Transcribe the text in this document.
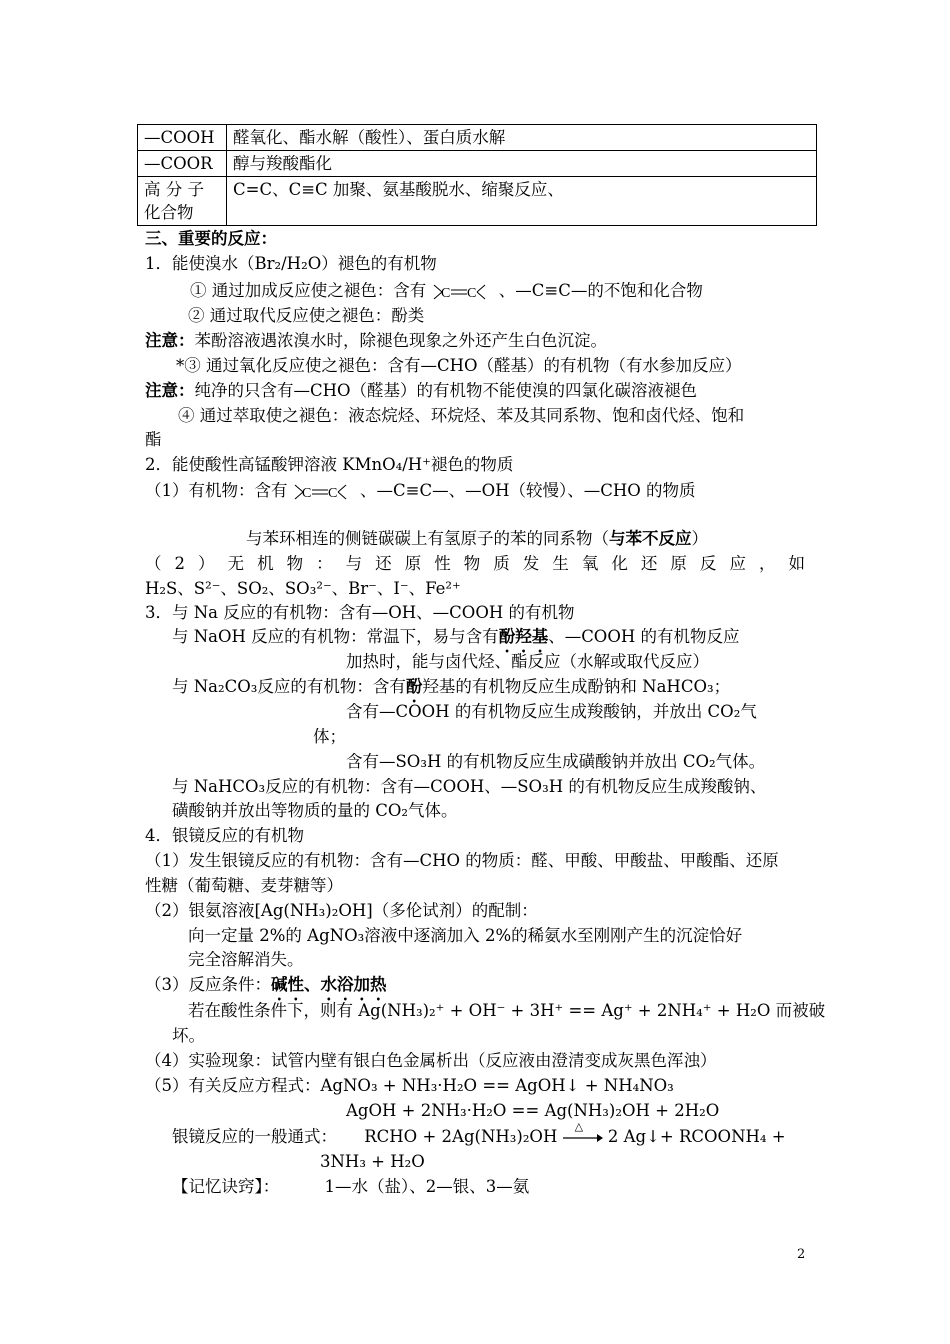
—COOH	醛氧化、酯水解（酸性）、蛋白质水解
—COOR	醇与羧酸酯化
高 分 子化合物	C=C、C≡C 加聚、氨基酸脱水、缩聚反应、
三、重要的反应：
1．能使溴水（Br₂/H₂O）褪色的有机物
① 通过加成反应使之褪色：含有 C C 、—C≡C—的不饱和化合物
② 通过取代反应使之褪色：酚类
注意：苯酚溶液遇浓溴水时，除褪色现象之外还产生白色沉淀。
*③ 通过氧化反应使之褪色：含有—CHO（醛基）的有机物（有水参加反应）
注意：纯净的只含有—CHO（醛基）的有机物不能使溴的四氯化碳溶液褪色
④ 通过萃取使之褪色：液态烷烃、环烷烃、苯及其同系物、饱和卤代烃、饱和
酯
2．能使酸性高锰酸钾溶液 KMnO₄/H⁺褪色的物质
（1）有机物：含有 C C 、—C≡C—、—OH（较慢）、—CHO 的物质
与苯环相连的侧链碳碳上有氢原子的苯的同系物（与苯不反应）
（2）无机物：与还原性物质发生氧化还原反应，如
H₂S、S²⁻、SO₂、SO₃²⁻、Br⁻、I⁻、Fe²⁺
3．与 Na 反应的有机物：含有—OH、—COOH 的有机物
与 NaOH 反应的有机物：常温下，易与含有酚羟基、—COOH 的有机物反应
加热时，能与卤代烃、酯反应（水解或取代反应）
与 Na₂CO₃反应的有机物：含有酚羟基的有机物反应生成酚钠和 NaHCO₃；
含有—COOH 的有机物反应生成羧酸钠，并放出 CO₂气
体；
含有—SO₃H 的有机物反应生成磺酸钠并放出 CO₂气体。
与 NaHCO₃反应的有机物：含有—COOH、—SO₃H 的有机物反应生成羧酸钠、
磺酸钠并放出等物质的量的 CO₂气体。
4．银镜反应的有机物
（1）发生银镜反应的有机物：含有—CHO 的物质：醛、甲酸、甲酸盐、甲酸酯、还原
性糖（葡萄糖、麦芽糖等）
（2）银氨溶液[Ag(NH₃)₂OH]（多伦试剂）的配制：
向一定量 2%的 AgNO₃溶液中逐滴加入 2%的稀氨水至刚刚产生的沉淀恰好
完全溶解消失。
（3）反应条件：碱性、水浴加热
若在酸性条件下，则有 Ag(NH₃)₂⁺ + OH⁻ + 3H⁺ == Ag⁺ + 2NH₄⁺ + H₂O 而被破
坏。
（4）实验现象：试管内壁有银白色金属析出（反应液由澄清变成灰黑色浑浊）
（5）有关反应方程式：AgNO₃ + NH₃·H₂O == AgOH↓ + NH₄NO₃
AgOH + 2NH₃·H₂O == Ag(NH₃)₂OH + 2H₂O
银镜反应的一般通式： RCHO + 2Ag(NH₃)₂OH
△
2 Ag↓+ RCOONH₄ +
3NH₃ + H₂O
【记忆诀窍】：	1—水（盐）、2—银、3—氨
2
